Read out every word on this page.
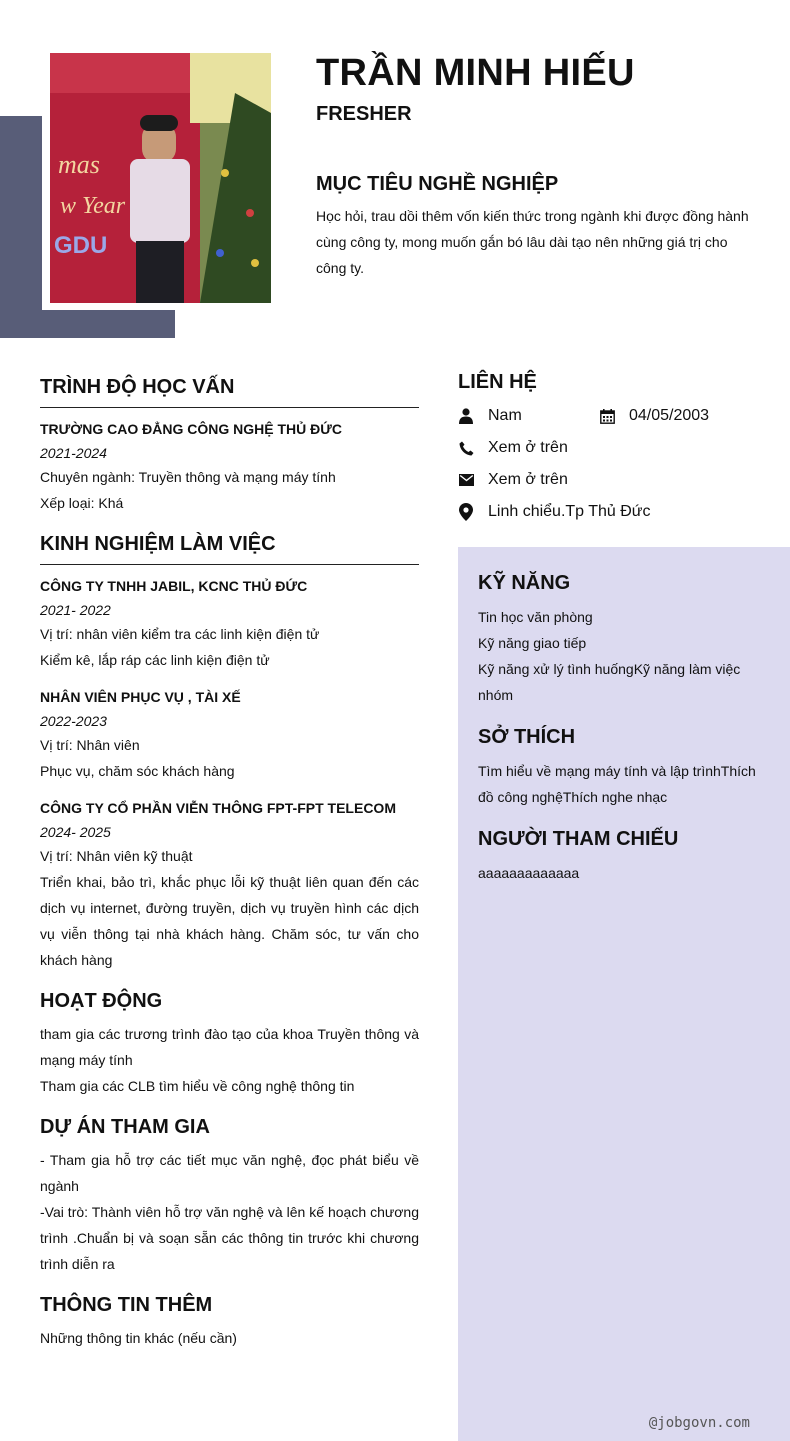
mas
w Year
GDU
TRẦN MINH HIẾU
FRESHER
MỤC TIÊU NGHỀ NGHIỆP
Học hỏi, trau dồi thêm vốn kiến thức trong ngành khi được đồng hành cùng công ty, mong muốn gắn bó lâu dài tạo nên những giá trị cho công ty.
TRÌNH ĐỘ HỌC VẤN
TRƯỜNG CAO ĐẲNG CÔNG NGHỆ THỦ ĐỨC
2021-2024
Chuyên ngành: Truyền thông và mạng máy tính
Xếp loại: Khá
KINH NGHIỆM LÀM VIỆC
CÔNG TY TNHH JABIL, KCNC THỦ ĐỨC
2021- 2022
Vị trí: nhân viên kiểm tra các linh kiện điện tử
Kiểm kê, lắp ráp các linh kiện điện tử
NHÂN VIÊN PHỤC VỤ , TÀI XẾ
2022-2023
Vị trí: Nhân viên
Phục vụ, chăm sóc khách hàng
CÔNG TY CỔ PHẦN VIỄN THÔNG FPT-FPT TELECOM
2024- 2025
Vị trí: Nhân viên kỹ thuật
Triển khai, bảo trì, khắc phục lỗi kỹ thuật liên quan đến các dịch vụ internet, đường truyền, dịch vụ truyền hình các dịch vụ viễn thông tại nhà khách hàng. Chăm sóc, tư vấn cho khách hàng
HOẠT ĐỘNG
tham gia các trương trình đào tạo của khoa Truyền thông và mạng máy tính
Tham gia các CLB tìm hiểu về công nghệ thông tin
DỰ ÁN THAM GIA
- Tham gia hỗ trợ các tiết mục văn nghệ, đọc phát biểu về ngành
-Vai trò: Thành viên hỗ trợ văn nghệ và lên kế hoạch chương trình .Chuẩn bị và soạn sẵn các thông tin trước khi chương trình diễn ra
THÔNG TIN THÊM
Những thông tin khác (nếu cần)
LIÊN HỆ
Nam	04/05/2003
Xem ở trên
Xem ở trên
Linh chiểu.Tp Thủ Đức
KỸ NĂNG
Tin học văn phòng
Kỹ năng giao tiếp
Kỹ năng xử lý tình huốngKỹ năng làm việc nhóm
SỞ THÍCH
Tìm hiểu về mạng máy tính và lập trìnhThích đồ công nghệThích nghe nhạc
NGƯỜI THAM CHIẾU
aaaaaaaaaaaaa
@jobgovn.com
